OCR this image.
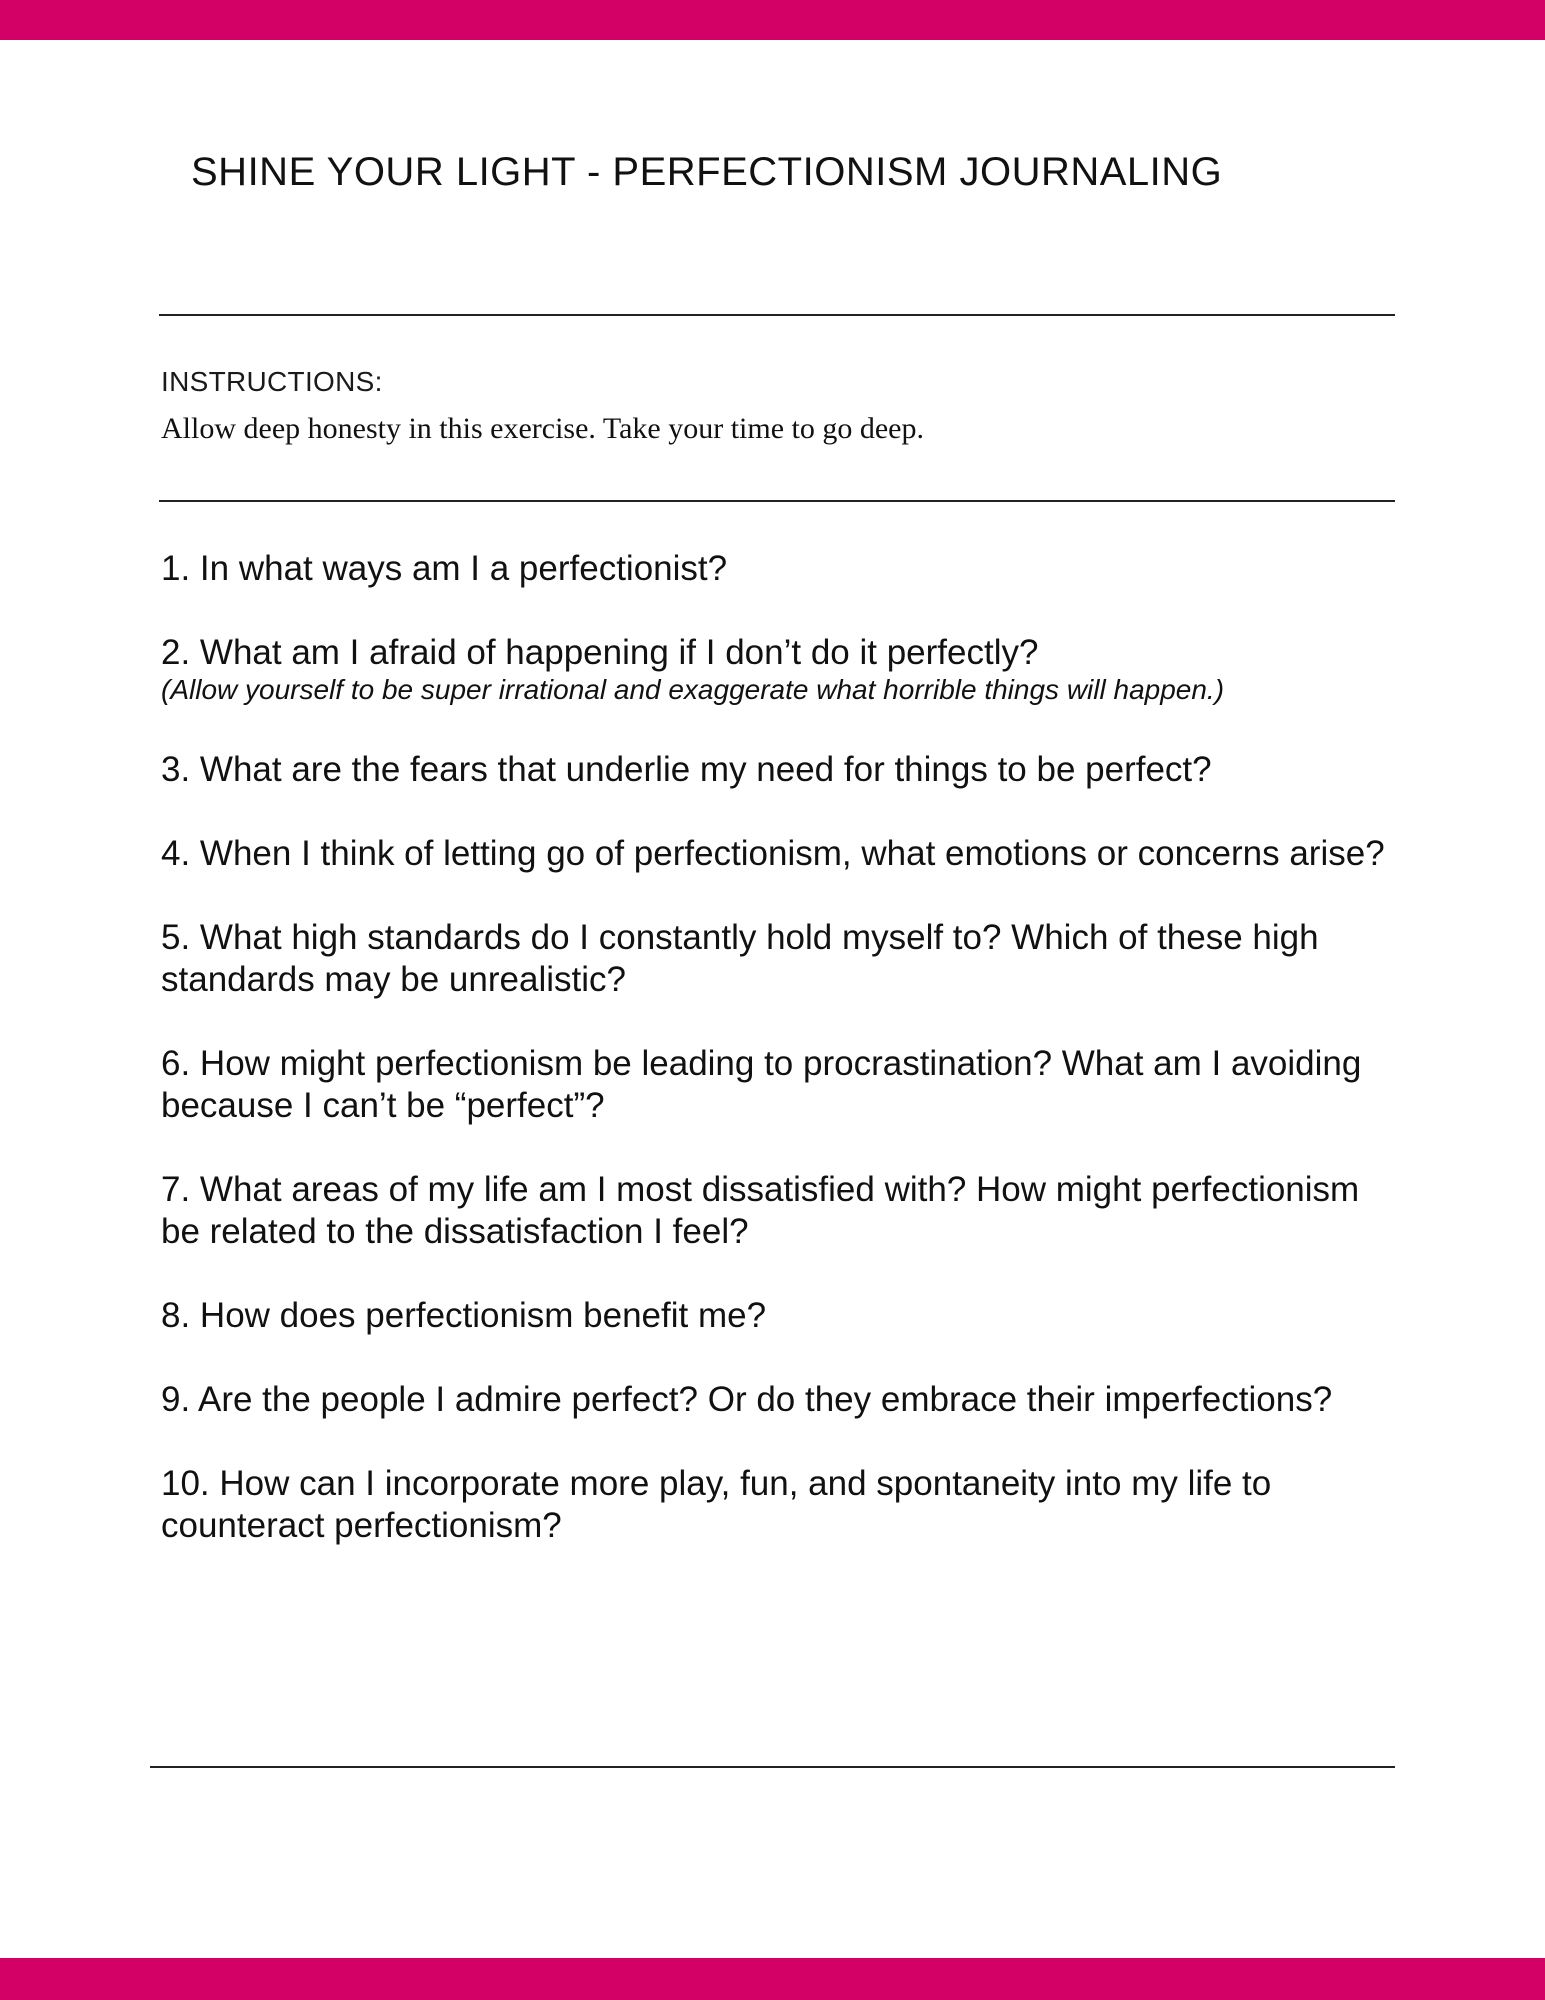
SHINE YOUR LIGHT - PERFECTIONISM JOURNALING
INSTRUCTIONS:
Allow deep honesty in this exercise. Take your time to go deep.
1. In what ways am I a perfectionist?
2. What am I afraid of happening if I don’t do it perfectly?
(Allow yourself to be super irrational and exaggerate what horrible things will happen.)
3. What are the fears that underlie my need for things to be perfect?
4. When I think of letting go of perfectionism, what emotions or concerns arise?
5. What high standards do I constantly hold myself to? Which of these high standards may be unrealistic?
6. How might perfectionism be leading to procrastination? What am I avoiding because I can’t be “perfect”?
7. What areas of my life am I most dissatisfied with? How might perfectionism be related to the dissatisfaction I feel?
8. How does perfectionism benefit me?
9. Are the people I admire perfect? Or do they embrace their imperfections?
10. How can I incorporate more play, fun, and spontaneity into my life to counteract perfectionism?
